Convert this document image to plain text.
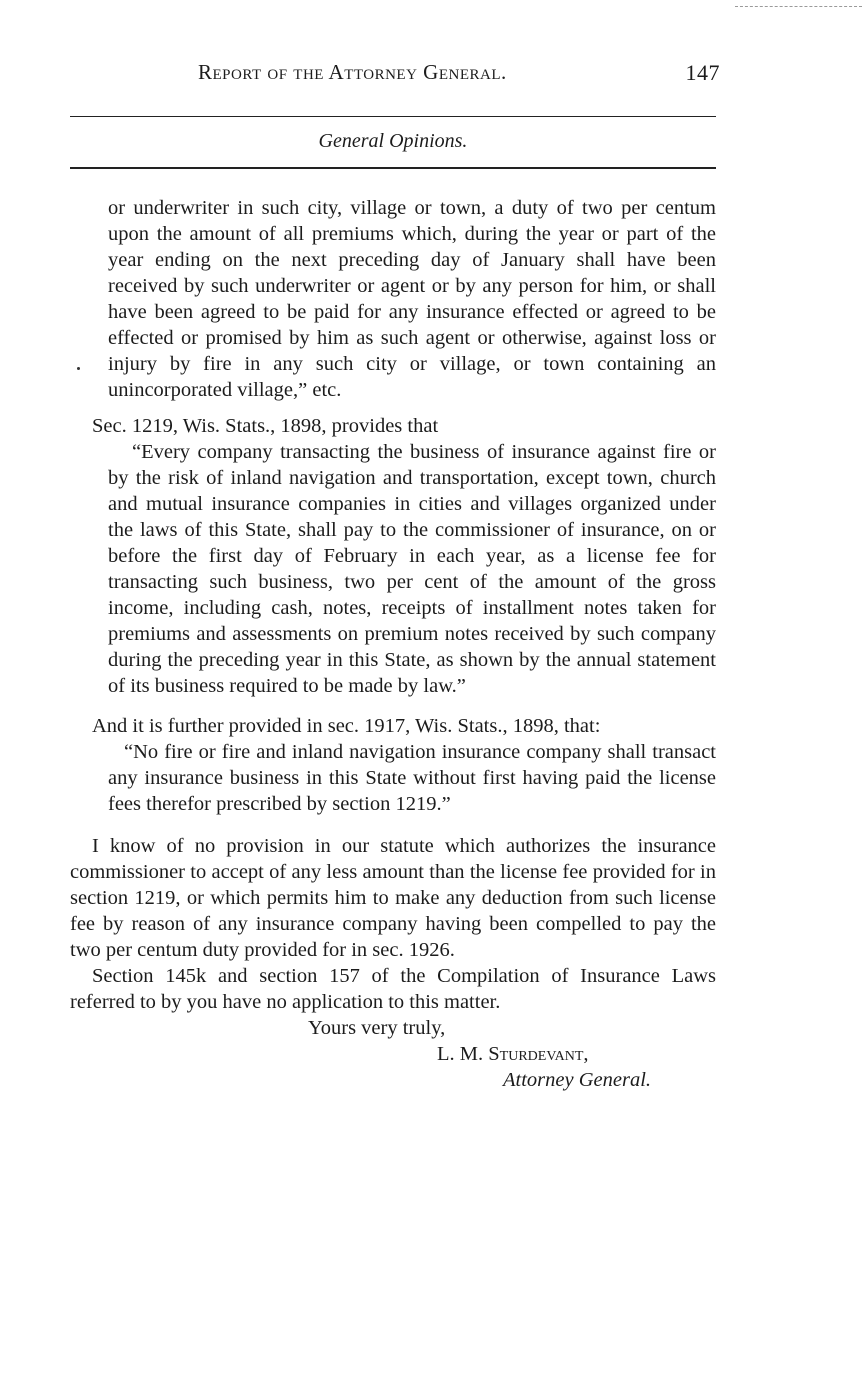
Report of the Attorney General.	147
General Opinions.

or underwriter in such city, village or town, a duty of two per centum upon the amount of all premiums which, during the year or part of the year ending on the next preceding day of January shall have been received by such underwriter or agent or by any person for him, or shall have been agreed to be paid for any insurance effected or agreed to be effected or promised by him as such agent or otherwise, against loss or injury by fire in any such city or village, or town containing an unincorporated village,” etc.

Sec. 1219, Wis. Stats., 1898, provides that

“Every company transacting the business of insurance against fire or by the risk of inland navigation and transportation, except town, church and mutual insurance companies in cities and villages organized under the laws of this State, shall pay to the commissioner of insurance, on or before the first day of February in each year, as a license fee for transacting such business, two per cent of the amount of the gross income, including cash, notes, receipts of installment notes taken for premiums and assessments on premium notes received by such company during the preceding year in this State, as shown by the annual statement of its business required to be made by law.”

And it is further provided in sec. 1917, Wis. Stats., 1898, that:

“No fire or fire and inland navigation insurance company shall transact any insurance business in this State without first having paid the license fees therefor prescribed by section 1219.”

I know of no provision in our statute which authorizes the insurance commissioner to accept of any less amount than the license fee provided for in section 1219, or which permits him to make any deduction from such license fee by reason of any insurance company having been compelled to pay the two per centum duty provided for in sec. 1926.

Section 145k and section 157 of the Compilation of Insurance Laws referred to by you have no application to this matter.

Yours very truly,
L. M. Sturdevant,
Attorney General.
